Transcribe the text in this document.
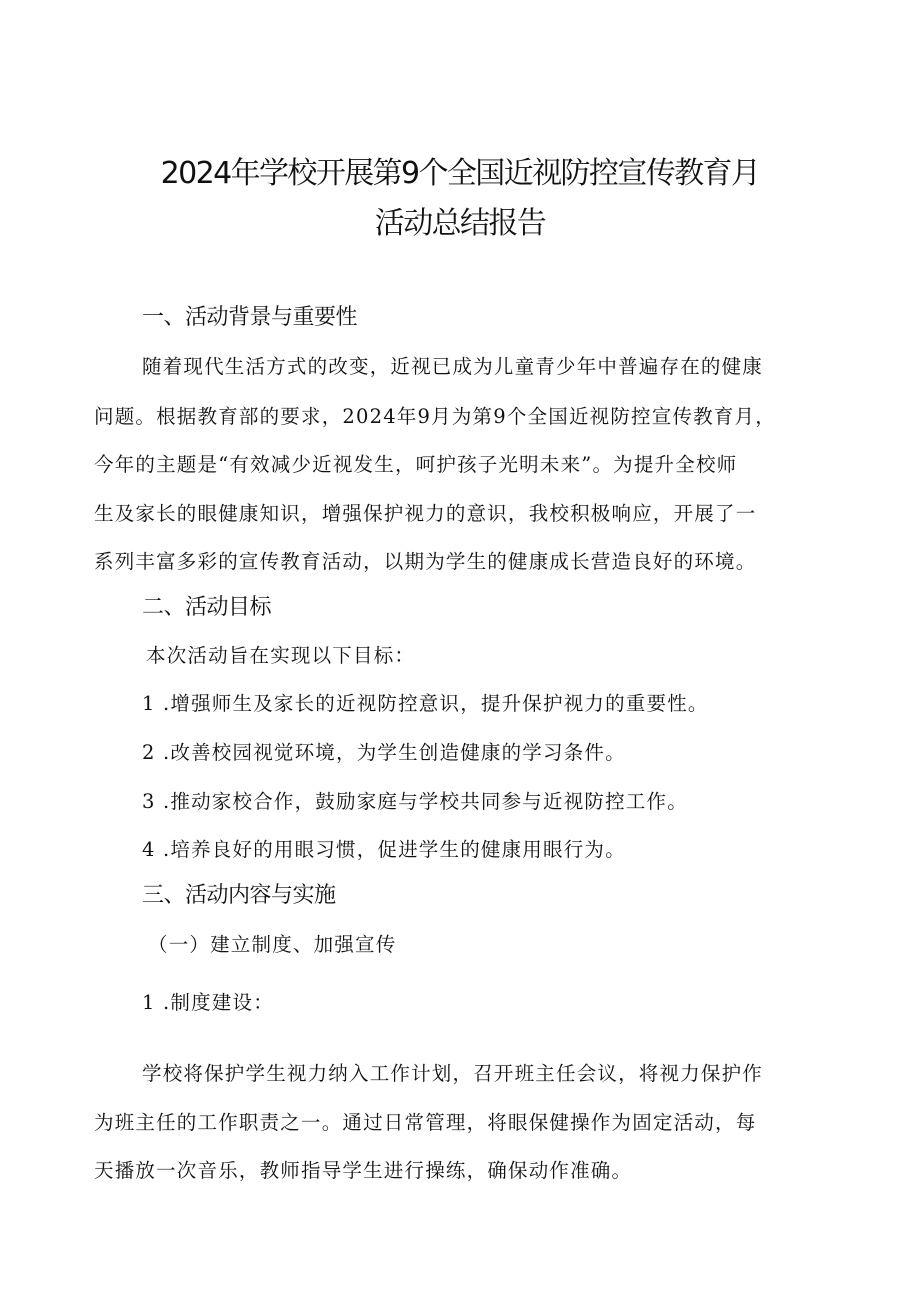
2024年学校开展第9个全国近视防控宣传教育月
活动总结报告
一、活动背景与重要性

随着现代生活方式的改变，近视已成为儿童青少年中普遍存在的健康

问题。根据教育部的要求，2024年9月为第9个全国近视防控宣传教育月，

今年的主题是“有效减少近视发生，呵护孩子光明未来”。为提升全校师

生及家长的眼健康知识，增强保护视力的意识，我校积极响应，开展了一

系列丰富多彩的宣传教育活动，以期为学生的健康成长营造良好的环境。

二、活动目标

本次活动旨在实现以下目标：

1 .增强师生及家长的近视防控意识，提升保护视力的重要性。

2 .改善校园视觉环境，为学生创造健康的学习条件。

3 .推动家校合作，鼓励家庭与学校共同参与近视防控工作。

4 .培养良好的用眼习惯，促进学生的健康用眼行为。

三、活动内容与实施

（一）建立制度、加强宣传

1 .制度建设：

学校将保护学生视力纳入工作计划，召开班主任会议，将视力保护作

为班主任的工作职责之一。通过日常管理，将眼保健操作为固定活动，每

天播放一次音乐，教师指导学生进行操练，确保动作准确。
